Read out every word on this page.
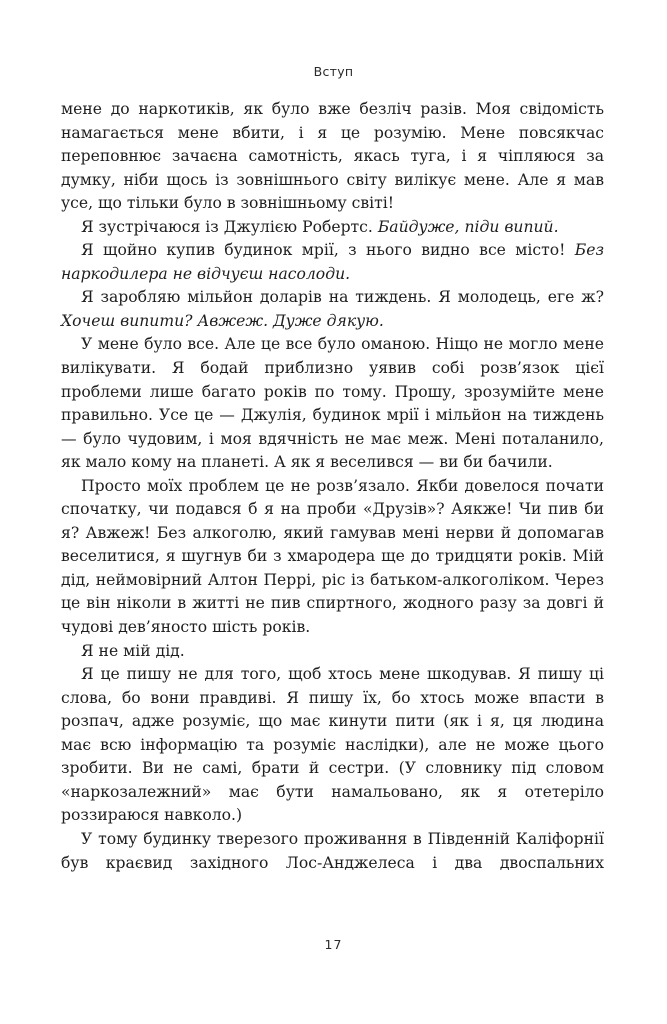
Вступ

мене до наркотиків, як було вже безліч разів. Моя свідомість намагається мене вбити, і я це розумію. Мене повсякчас переповнює зачаєна самотність, якась туга, і я чіпляюся за думку, ніби щось із зовнішнього світу вилікує мене. Але я мав усе, що тільки було в зовнішньому світі!

Я зустрічаюся із Джулією Робертс. Байдуже, піди випий.

Я щойно купив будинок мрії, з нього видно все місто! Без наркодилера не відчуєш насолоди.

Я заробляю мільйон доларів на тиждень. Я молодець, еге ж? Хочеш випити? Авжеж. Дуже дякую.

У мене було все. Але це все було оманою. Ніщо не могло мене вилікувати. Я бодай приблизно уявив собі розв’язок цієї проблеми лише багато років по тому. Прошу, зрозумійте мене правильно. Усе це — Джулія, будинок мрії і мільйон на тиждень — було чудовим, і моя вдячність не має меж. Мені поталанило, як мало кому на планеті. А як я веселився — ви би бачили.

Просто моїх проблем це не розв’язало. Якби довелося почати спочатку, чи подався б я на проби «Друзів»? Аякже! Чи пив би я? Авжеж! Без алкоголю, який гамував мені нерви й допомагав веселитися, я шугнув би з хмародера ще до тридцяти років. Мій дід, неймовірний Алтон Перрі, ріс із батьком-алкоголіком. Через це він ніколи в житті не пив спиртного, жодного разу за довгі й чудові дев’яносто шість років.

Я не мій дід.

Я це пишу не для того, щоб хтось мене шкодував. Я пишу ці слова, бо вони правдиві. Я пишу їх, бо хтось може впасти в розпач, адже розуміє, що має кинути пити (як і я, ця людина має всю інформацію та розуміє наслідки), але не може цього зробити. Ви не самі, брати й сестри. (У словнику під словом «наркозалежний» має бути намальовано, як я отетеріло роззираюся навколо.)

У тому будинку тверезого проживання в Південній Каліфорнії був краєвид західного Лос-Анджелеса і два двоспальних

17
